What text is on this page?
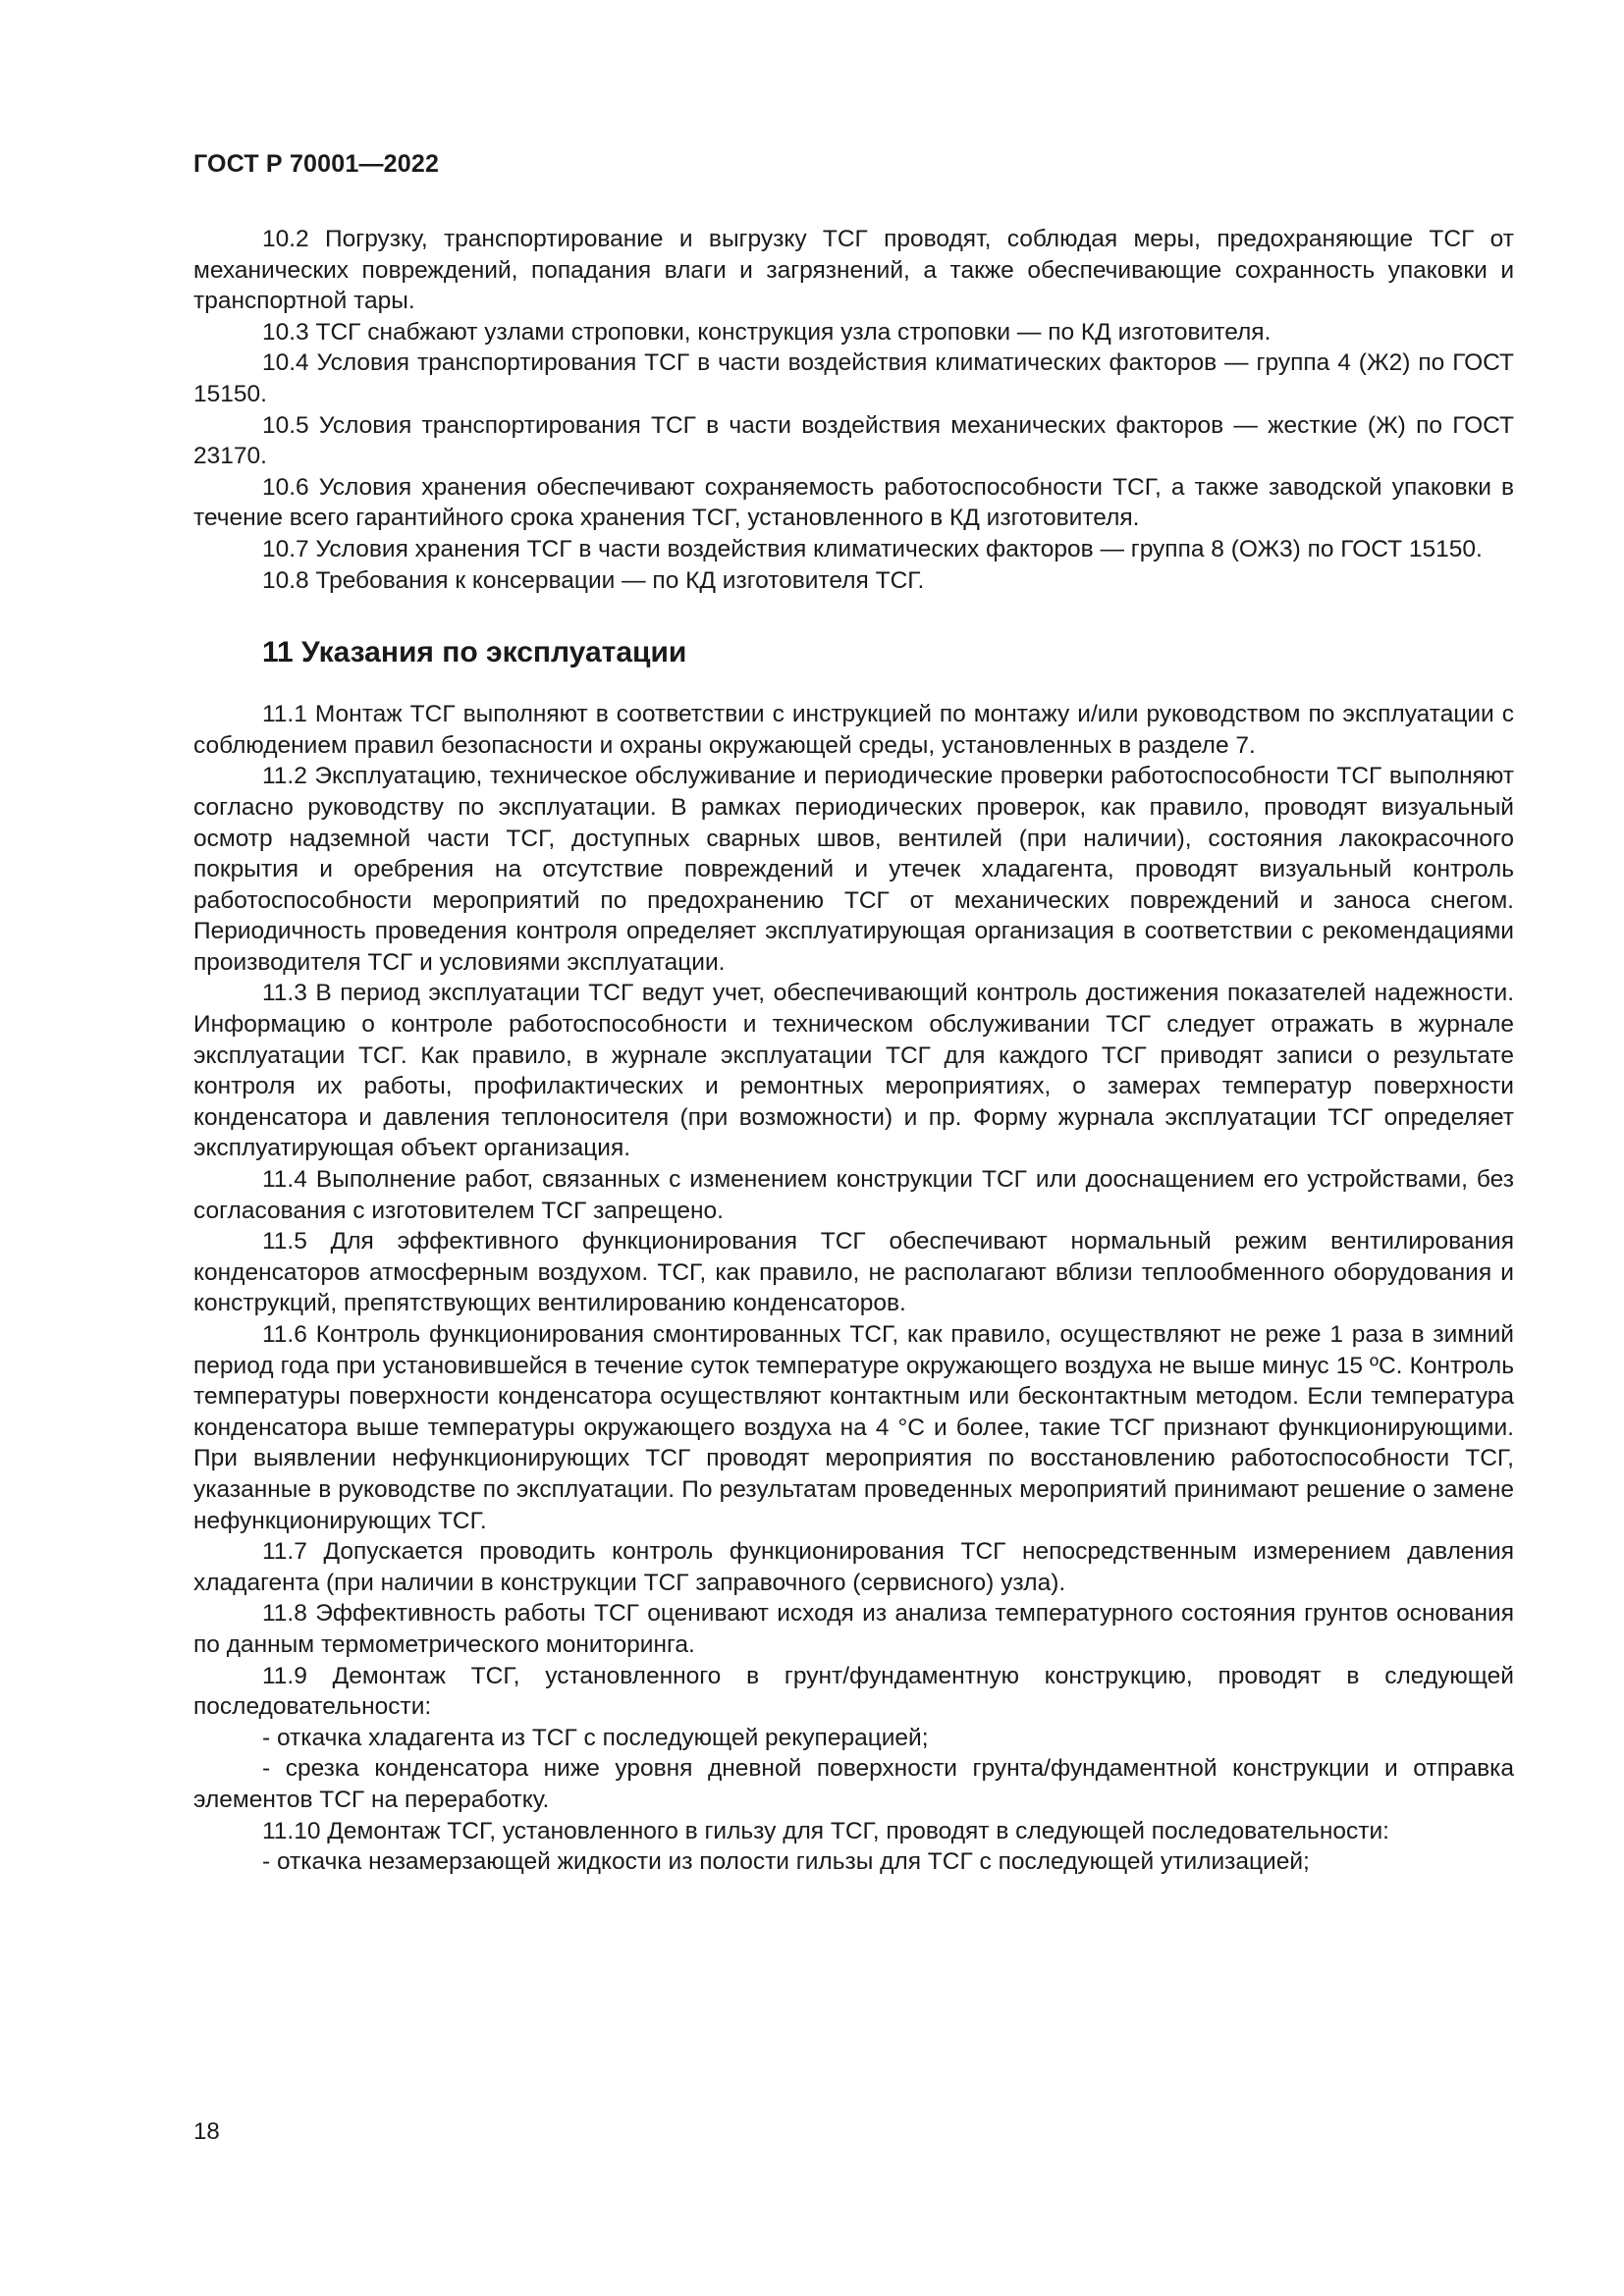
ГОСТ Р 70001—2022

10.2 Погрузку, транспортирование и выгрузку ТСГ проводят, соблюдая меры, предохраняющие ТСГ от механических повреждений, попадания влаги и загрязнений, а также обеспечивающие сохранность упаковки и транспортной тары.

10.3 ТСГ снабжают узлами строповки, конструкция узла строповки — по КД изготовителя.

10.4 Условия транспортирования ТСГ в части воздействия климатических факторов — группа 4 (Ж2) по ГОСТ 15150.

10.5 Условия транспортирования ТСГ в части воздействия механических факторов — жесткие (Ж) по ГОСТ 23170.

10.6 Условия хранения обеспечивают сохраняемость работоспособности ТСГ, а также заводской упаковки в течение всего гарантийного срока хранения ТСГ, установленного в КД изготовителя.

10.7 Условия хранения ТСГ в части воздействия климатических факторов — группа 8 (ОЖ3) по ГОСТ 15150.

10.8 Требования к консервации — по КД изготовителя ТСГ.

11 Указания по эксплуатации

11.1 Монтаж ТСГ выполняют в соответствии с инструкцией по монтажу и/или руководством по эксплуатации с соблюдением правил безопасности и охраны окружающей среды, установленных в разделе 7.

11.2 Эксплуатацию, техническое обслуживание и периодические проверки работоспособности ТСГ выполняют согласно руководству по эксплуатации. В рамках периодических проверок, как правило, проводят визуальный осмотр надземной части ТСГ, доступных сварных швов, вентилей (при наличии), состояния лакокрасочного покрытия и оребрения на отсутствие повреждений и утечек хладагента, проводят визуальный контроль работоспособности мероприятий по предохранению ТСГ от механических повреждений и заноса снегом. Периодичность проведения контроля определяет эксплуатирующая организация в соответствии с рекомендациями производителя ТСГ и условиями эксплуатации.

11.3 В период эксплуатации ТСГ ведут учет, обеспечивающий контроль достижения показателей надежности. Информацию о контроле работоспособности и техническом обслуживании ТСГ следует отражать в журнале эксплуатации ТСГ. Как правило, в журнале эксплуатации ТСГ для каждого ТСГ приводят записи о результате контроля их работы, профилактических и ремонтных мероприятиях, о замерах температур поверхности конденсатора и давления теплоносителя (при возможности) и пр. Форму журнала эксплуатации ТСГ определяет эксплуатирующая объект организация.

11.4 Выполнение работ, связанных с изменением конструкции ТСГ или дооснащением его устройствами, без согласования с изготовителем ТСГ запрещено.

11.5 Для эффективного функционирования ТСГ обеспечивают нормальный режим вентилирования конденсаторов атмосферным воздухом. ТСГ, как правило, не располагают вблизи теплообменного оборудования и конструкций, препятствующих вентилированию конденсаторов.

11.6 Контроль функционирования смонтированных ТСГ, как правило, осуществляют не реже 1 раза в зимний период года при установившейся в течение суток температуре окружающего воздуха не выше минус 15 ºС. Контроль температуры поверхности конденсатора осуществляют контактным или бесконтактным методом. Если температура конденсатора выше температуры окружающего воздуха на 4 °С и более, такие ТСГ признают функционирующими. При выявлении нефункционирующих ТСГ проводят мероприятия по восстановлению работоспособности ТСГ, указанные в руководстве по эксплуатации. По результатам проведенных мероприятий принимают решение о замене нефункционирующих ТСГ.

11.7 Допускается проводить контроль функционирования ТСГ непосредственным измерением давления хладагента (при наличии в конструкции ТСГ заправочного (сервисного) узла).

11.8 Эффективность работы ТСГ оценивают исходя из анализа температурного состояния грунтов основания по данным термометрического мониторинга.

11.9 Демонтаж ТСГ, установленного в грунт/фундаментную конструкцию, проводят в следующей последовательности:

- откачка хладагента из ТСГ с последующей рекуперацией;

- срезка конденсатора ниже уровня дневной поверхности грунта/фундаментной конструкции и отправка элементов ТСГ на переработку.

11.10 Демонтаж ТСГ, установленного в гильзу для ТСГ, проводят в следующей последовательности:

- откачка незамерзающей жидкости из полости гильзы для ТСГ с последующей утилизацией;

18
